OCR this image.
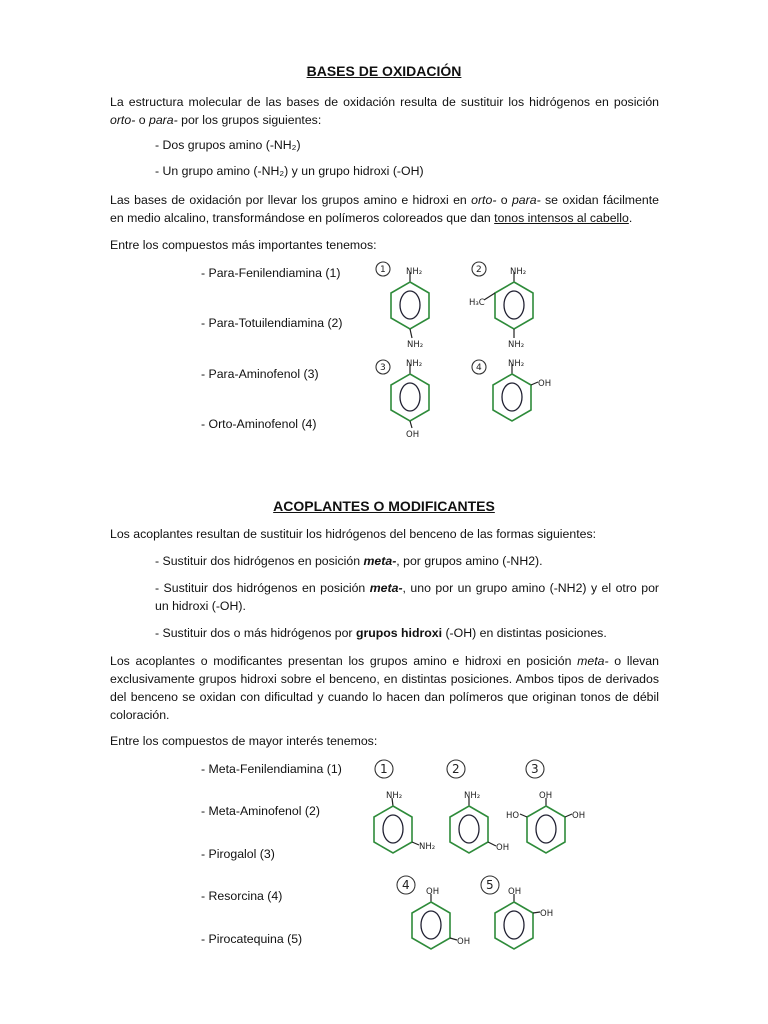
BASES DE OXIDACIÓN

La estructura molecular de las bases de oxidación resulta de sustituir los hidrógenos en posición orto- o para- por los grupos siguientes:

- Dos grupos amino (-NH₂)

- Un grupo amino (-NH₂) y un grupo hidroxi (-OH)

Las bases de oxidación por llevar los grupos amino e hidroxi en orto- o para- se oxidan fácilmente en medio alcalino, transformándose en polímeros coloreados que dan tonos intensos al cabello.

Entre los compuestos más importantes tenemos:

- Para-Fenilendiamina (1)

- Para-Totuilendiamina (2)

- Para-Aminofenol (3)

- Orto-Aminofenol (4)

1 NH₂
NH₂
2	NH₂
H₃C
NH₂
3 NH₂
OH
4	NH₂
OH
ACOPLANTES O MODIFICANTES

Los acoplantes resultan de sustituir los hidrógenos del benceno de las formas siguientes:

- Sustituir dos hidrógenos en posición meta-, por grupos amino (-NH2).

- Sustituir dos hidrógenos en posición meta-, uno por un grupo amino (-NH2) y el otro por un hidroxi (-OH).

- Sustituir dos o más hidrógenos por grupos hidroxi (-OH) en distintas posiciones.

Los acoplantes o modificantes presentan los grupos amino e hidroxi en posición meta- o llevan exclusivamente grupos hidroxi sobre el benceno, en distintas posiciones. Ambos tipos de derivados del benceno se oxidan con dificultad y cuando lo hacen dan polímeros que originan tonos de débil coloración.

Entre los compuestos de mayor interés tenemos:

- Meta-Fenilendiamina (1)

- Meta-Aminofenol (2)

- Pirogalol (3)

- Resorcina (4)

- Pirocatequina (5)

1	2	3
NH₂
NH₂
NH₂
OH
OH
HO	OH
4	5
OH
OH
OH
OH
